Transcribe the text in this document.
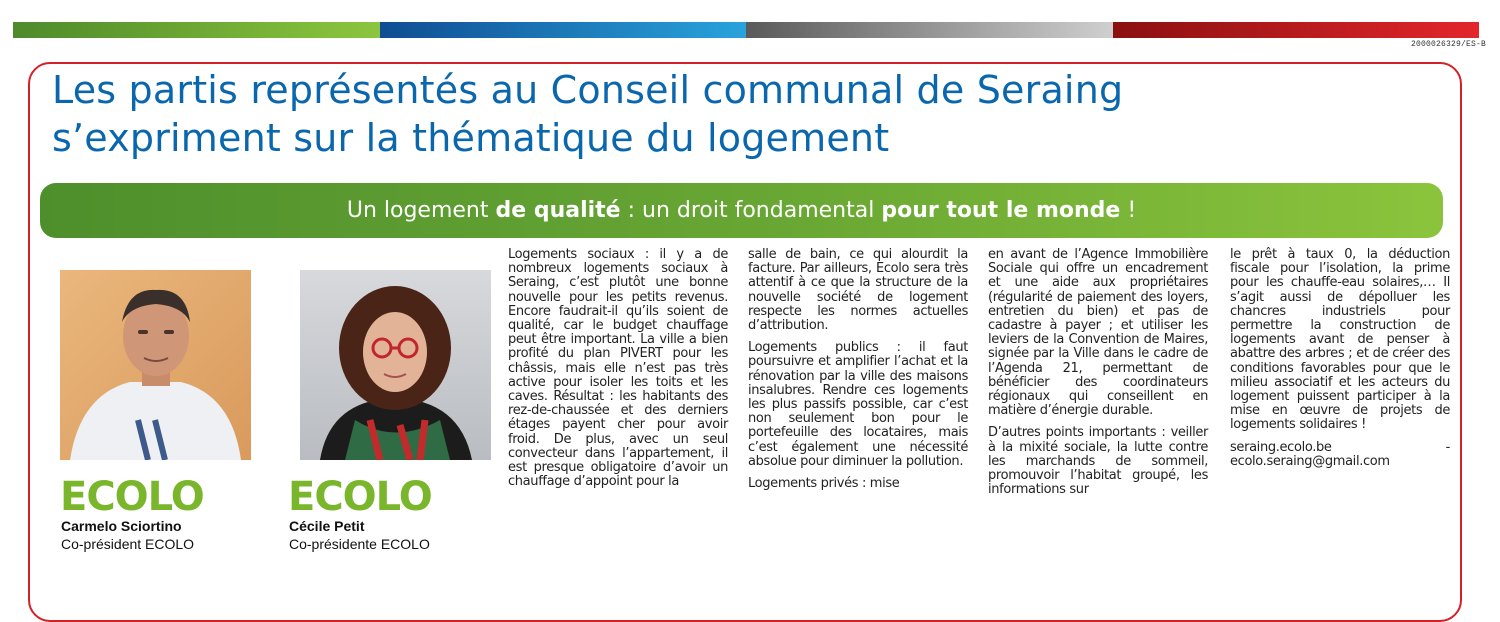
2000026329/ES-B
Les partis représentés au Conseil communal de Seraing
s’expriment sur la thématique du logement
Un logement de qualité : un droit fondamental pour tout le monde !
ECOLO ECOLO
Carmelo Sciortino
Co-président ECOLO
Cécile Petit
Co-présidente ECOLO

Logements sociaux : il y a de nombreux logements sociaux à Seraing, c’est plutôt une bonne nouvelle pour les petits revenus. Encore faudrait-il qu’ils soient de qualité, car le budget chauffage peut être important. La ville a bien profité du plan PIVERT pour les châssis, mais elle n’est pas très active pour isoler les toits et les caves. Résultat : les habitants des rez-de-chaussée et des derniers étages payent cher pour avoir froid. De plus, avec un seul convecteur dans l’appartement, il est presque obligatoire d’avoir un chauffage d’appoint pour la

salle de bain, ce qui alourdit la facture. Par ailleurs, Ecolo sera très attentif à ce que la structure de la nouvelle société de logement respecte les normes actuelles d’attribution.

Logements publics : il faut poursuivre et amplifier l’achat et la rénovation par la ville des maisons insalubres. Rendre ces logements les plus passifs possible, car c’est non seulement bon pour le portefeuille des locataires, mais c’est également une nécessité absolue pour diminuer la pollution.

Logements privés : mise

en avant de l’Agence Immobilière Sociale qui offre un encadrement et une aide aux propriétaires (régularité de paiement des loyers, entretien du bien) et pas de cadastre à payer ; et utiliser les leviers de la Convention de Maires, signée par la Ville dans le cadre de l’Agenda 21, permettant de bénéficier des coordinateurs régionaux qui conseillent en matière d’énergie durable.

D’autres points importants : veiller à la mixité sociale, la lutte contre les marchands de sommeil, promouvoir l’habitat groupé, les informations sur

le prêt à taux 0, la déduction fiscale pour l’isolation, la prime pour les chauffe-eau solaires,… Il s’agit aussi de dépolluer les chancres industriels pour permettre la construction de logements avant de penser à abattre des arbres ; et de créer des conditions favorables pour que le milieu associatif et les acteurs du logement puissent participer à la mise en œuvre de projets de logements solidaires !

seraing.ecolo.be - ecolo.seraing@gmail.com
